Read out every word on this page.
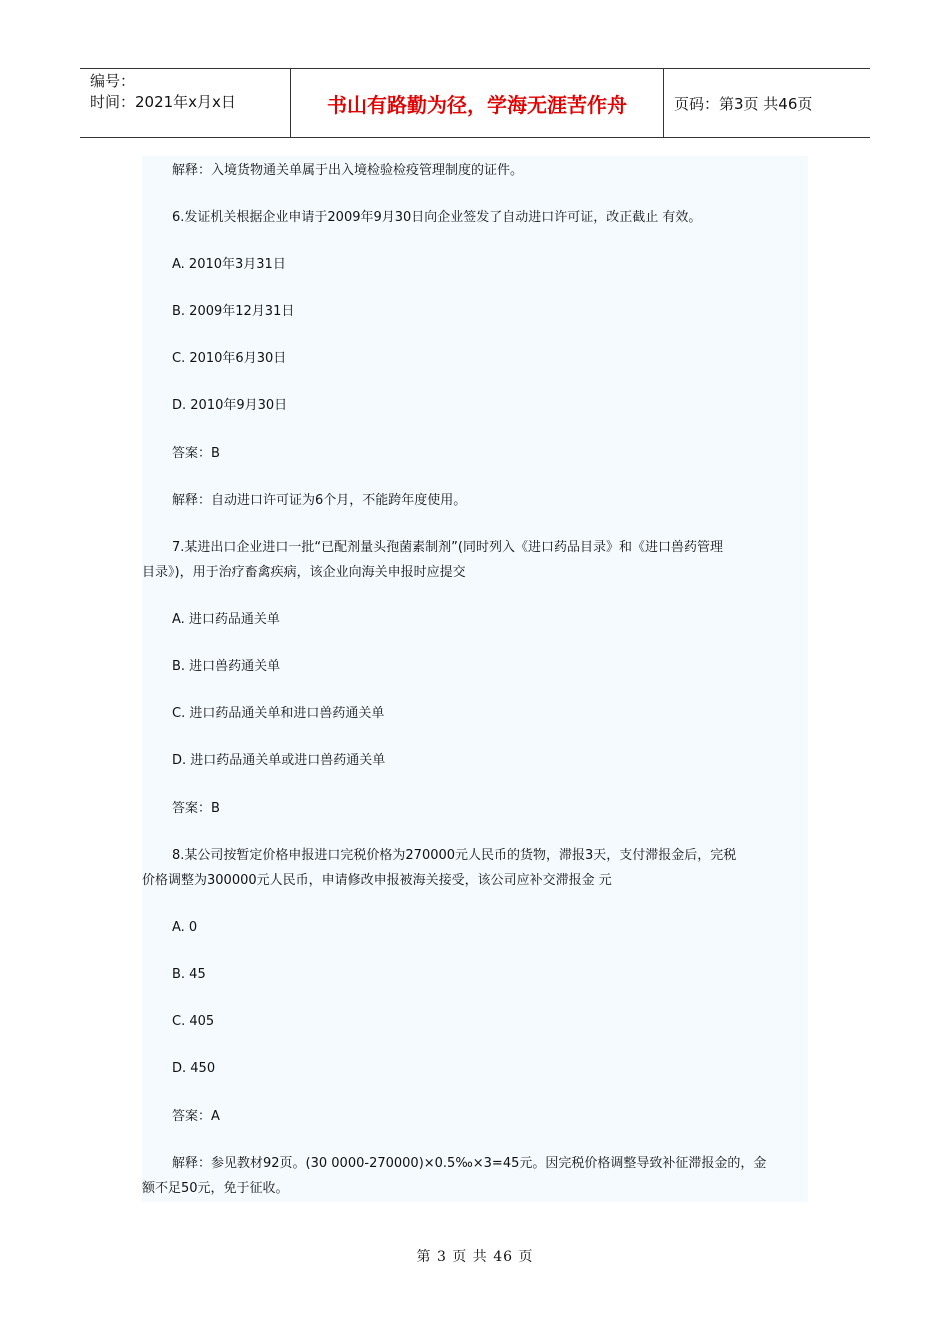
编号：
时间：2021年x月x日	书山有路勤为径，学海无涯苦作舟	页码：第3页 共46页
解释：入境货物通关单属于出入境检验检疫管理制度的证件。
6.发证机关根据企业申请于2009年9月30日向企业签发了自动进口许可证，改正截止 有效。
A. 2010年3月31日
B. 2009年12月31日
C. 2010年6月30日
D. 2010年9月30日
答案：B
解释：自动进口许可证为6个月，不能跨年度使用。
7.某进出口企业进口一批“已配剂量头孢菌素制剂”(同时列入《进口药品目录》和《进口兽药管理
目录》)，用于治疗畜禽疾病，该企业向海关申报时应提交
A. 进口药品通关单
B. 进口兽药通关单
C. 进口药品通关单和进口兽药通关单
D. 进口药品通关单或进口兽药通关单
答案：B
8.某公司按暂定价格申报进口完税价格为270000元人民币的货物，滞报3天，支付滞报金后，完税
价格调整为300000元人民币，申请修改申报被海关接受，该公司应补交滞报金 元
A. 0
B. 45
C. 405
D. 450
答案：A
解释：参见教材92页。(30 0000-270000)×0.5‰×3=45元。因完税价格调整导致补征滞报金的，金
额不足50元，免于征收。
第 3 页 共 46 页
